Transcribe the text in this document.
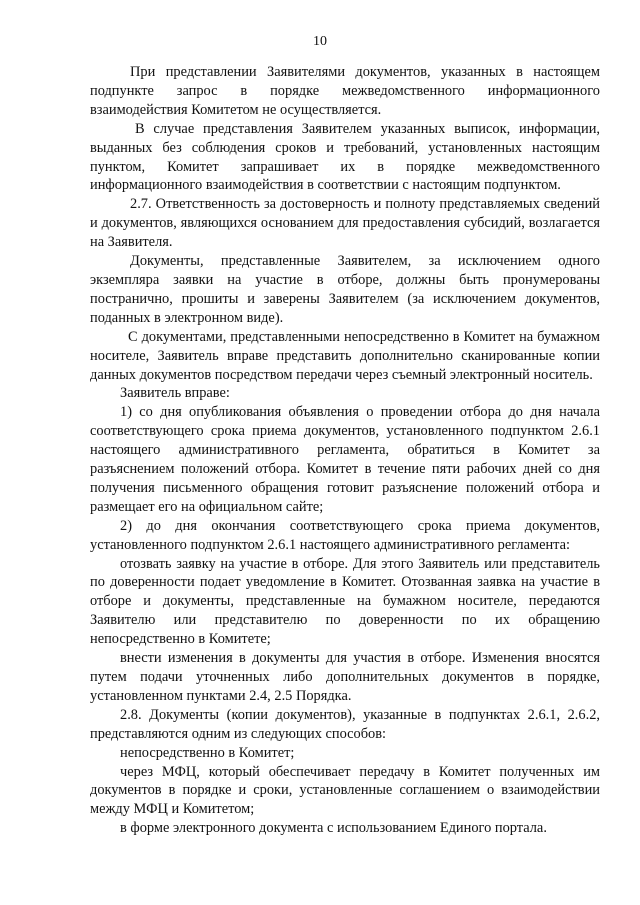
10

При представлении Заявителями документов, указанных в настоящем подпункте запрос в порядке межведомственного информационного взаимодействия Комитетом не осуществляется.

В случае представления Заявителем указанных выписок, информации, выданных без соблюдения сроков и требований, установленных настоящим пунктом, Комитет запрашивает их в порядке межведомственного информационного взаимодействия в соответствии с настоящим подпунктом.

2.7. Ответственность за достоверность и полноту представляемых сведений и документов, являющихся основанием для предоставления субсидий, возлагается на Заявителя.

Документы, представленные Заявителем, за исключением одного экземпляра заявки на участие в отборе, должны быть пронумерованы постранично, прошиты и заверены Заявителем (за исключением документов, поданных в электронном виде).

С документами, представленными непосредственно в Комитет на бумажном носителе, Заявитель вправе представить дополнительно сканированные копии данных документов посредством передачи через съемный электронный носитель.

Заявитель вправе:

1) со дня опубликования объявления о проведении отбора до дня начала соответствующего срока приема документов, установленного подпунктом 2.6.1 настоящего административного регламента, обратиться в Комитет за разъяснением положений отбора. Комитет в течение пяти рабочих дней со дня получения письменного обращения готовит разъяснение положений отбора и размещает его на официальном сайте;

2) до дня окончания соответствующего срока приема документов, установленного подпунктом 2.6.1 настоящего административного регламента:

отозвать заявку на участие в отборе. Для этого Заявитель или представитель по доверенности подает уведомление в Комитет. Отозванная заявка на участие в отборе и документы, представленные на бумажном носителе, передаются Заявителю или представителю по доверенности по их обращению непосредственно в Комитете;

внести изменения в документы для участия в отборе. Изменения вносятся путем подачи уточненных либо дополнительных документов в порядке, установленном пунктами 2.4, 2.5 Порядка.

2.8. Документы (копии документов), указанные в подпунктах 2.6.1, 2.6.2, представляются одним из следующих способов:

непосредственно в Комитет;

через МФЦ, который обеспечивает передачу в Комитет полученных им документов в порядке и сроки, установленные соглашением о взаимодействии между МФЦ и Комитетом;

в форме электронного документа с использованием Единого портала.
